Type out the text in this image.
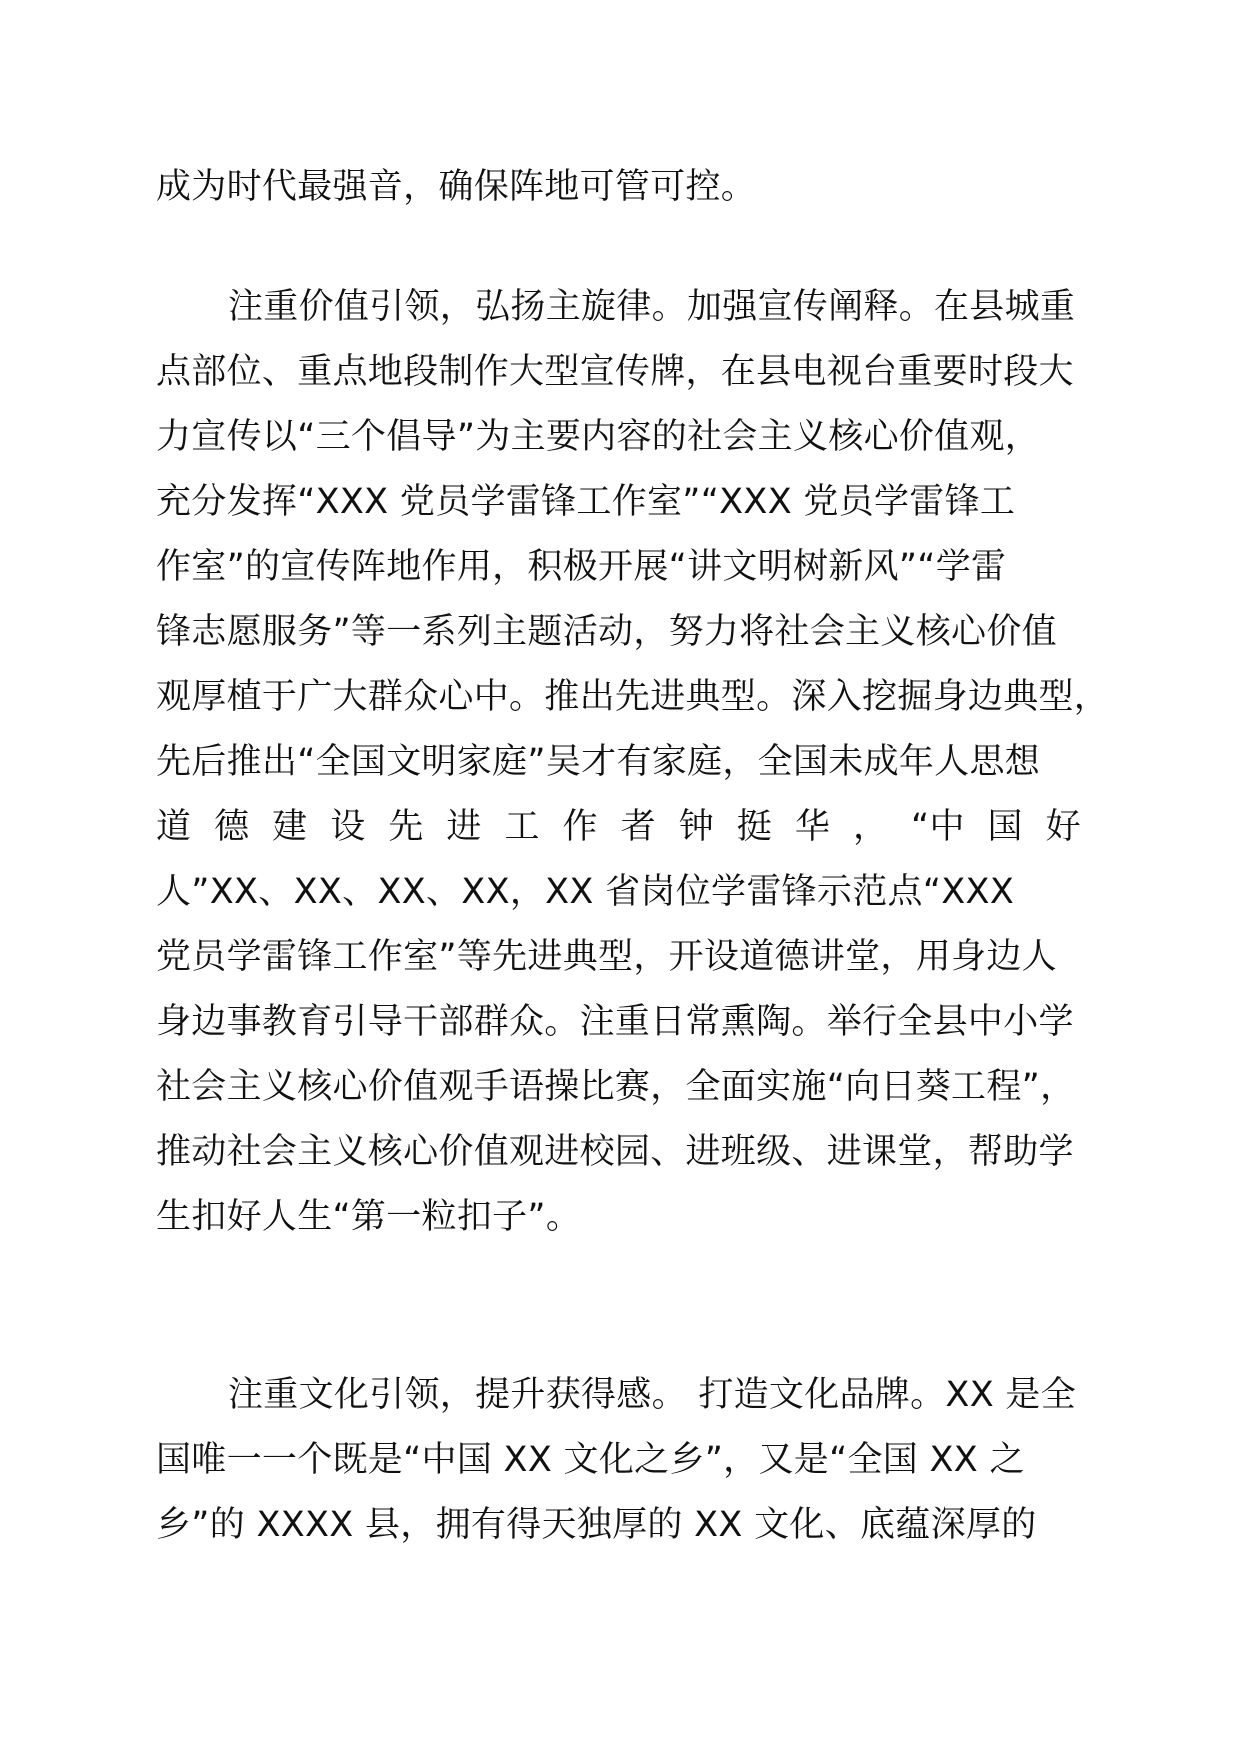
成为时代最强音，确保阵地可管可控。
注重价值引领，弘扬主旋律。加强宣传阐释。在县城重
点部位、重点地段制作大型宣传牌，在县电视台重要时段大
力宣传以“三个倡导”为主要内容的社会主义核心价值观，
充分发挥“XXX 党员学雷锋工作室”“XXX 党员学雷锋工
作室”的宣传阵地作用，积极开展“讲文明树新风”“学雷
锋志愿服务”等一系列主题活动，努力将社会主义核心价值
观厚植于广大群众心中。推出先进典型。深入挖掘身边典型，
先后推出“全国文明家庭”吴才有家庭，全国未成年人思想
道 德 建 设 先 进 工 作 者 钟 挺 华 ， “中 国 好
人”XX、XX、XX、XX，XX 省岗位学雷锋示范点“XXX
党员学雷锋工作室”等先进典型，开设道德讲堂，用身边人
身边事教育引导干部群众。注重日常熏陶。举行全县中小学
社会主义核心价值观手语操比赛，全面实施“向日葵工程”，
推动社会主义核心价值观进校园、进班级、进课堂，帮助学
生扣好人生“第一粒扣子”。
注重文化引领，提升获得感。 打造文化品牌。XX 是全
国唯一一个既是“中国 XX 文化之乡”，又是“全国 XX 之
乡”的 XXXX 县，拥有得天独厚的 XX 文化、底蕴深厚的
